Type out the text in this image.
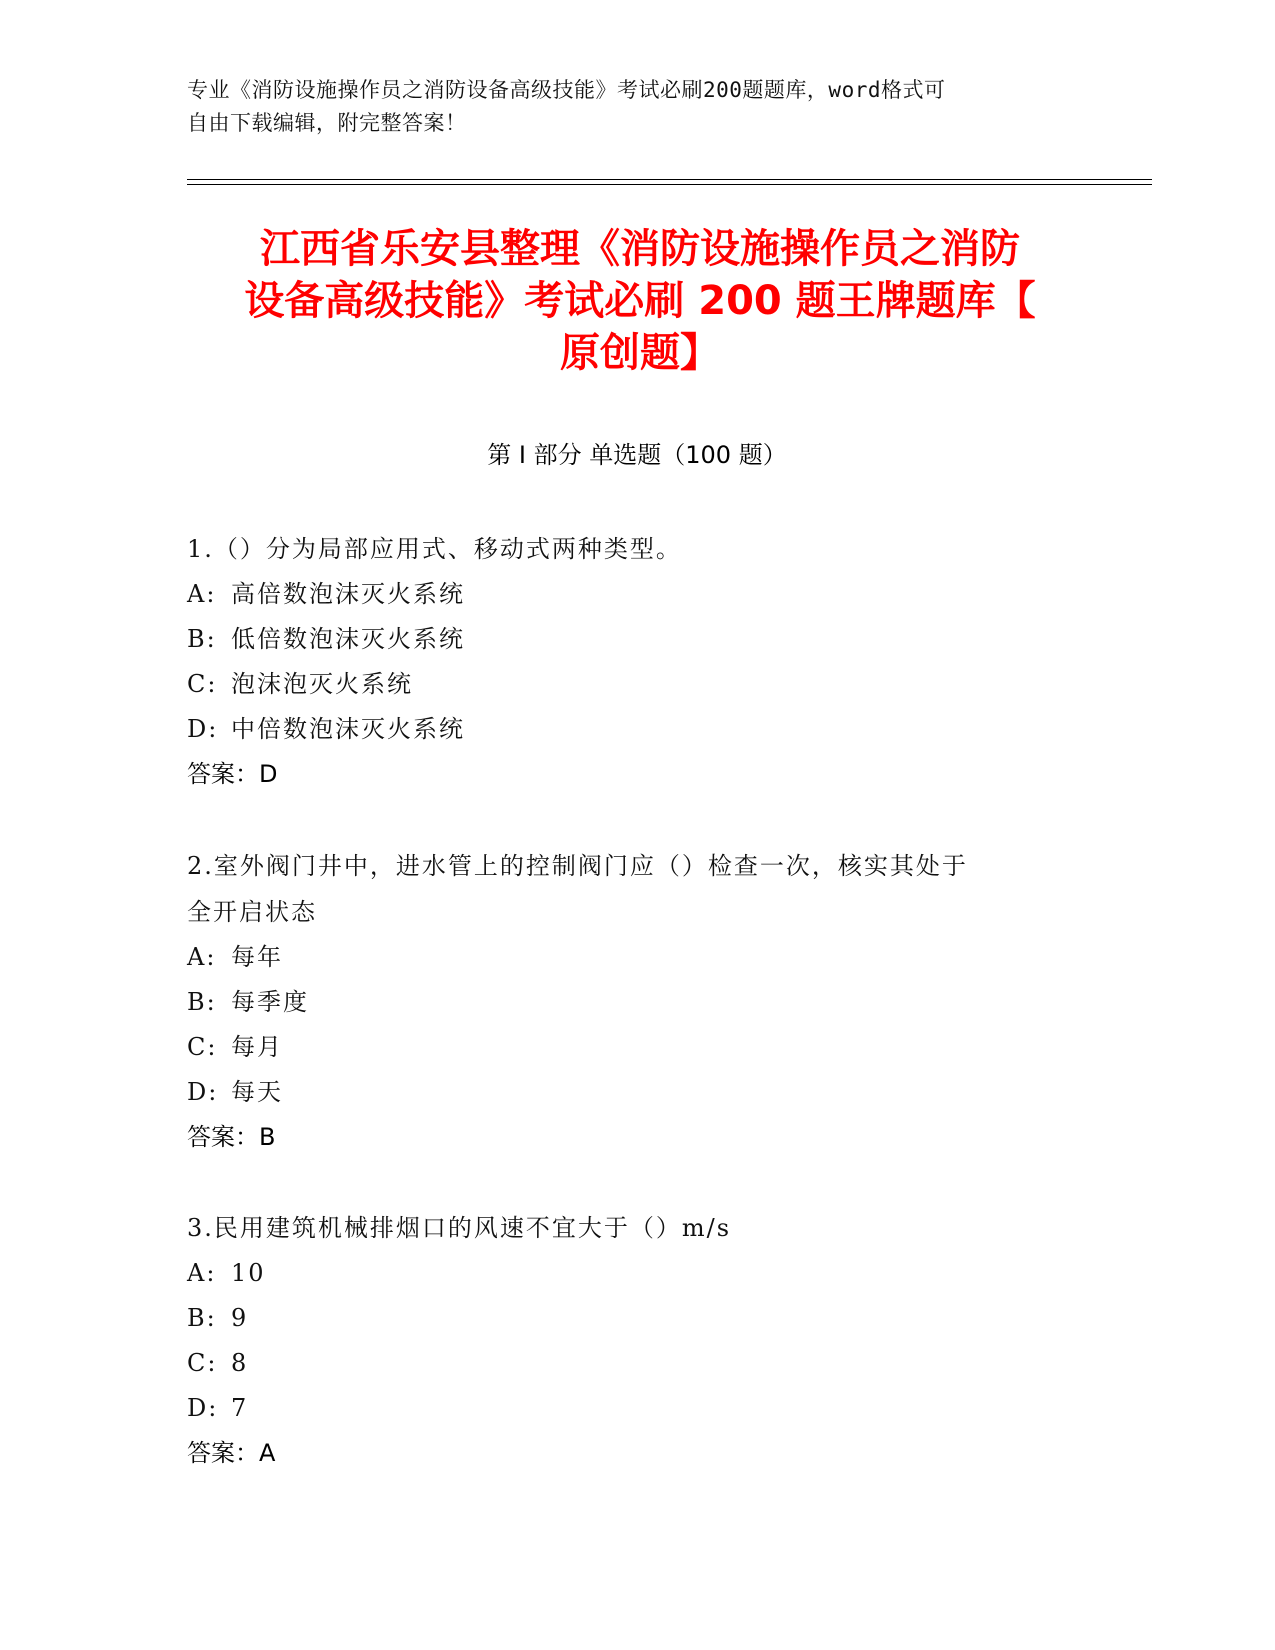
专业《消防设施操作员之消防设备高级技能》考试必刷200题题库，word格式可
自由下载编辑，附完整答案！
江西省乐安县整理《消防设施操作员之消防
设备高级技能》考试必刷 200 题王牌题库【
原创题】
第 I 部分 单选题（100 题）
1.（）分为局部应用式、移动式两种类型。
A: 高倍数泡沫灭火系统
B: 低倍数泡沫灭火系统
C: 泡沫泡灭火系统
D: 中倍数泡沫灭火系统
答案：D
2.室外阀门井中，进水管上的控制阀门应（）检查一次，核实其处于
全开启状态
A: 每年
B: 每季度
C: 每月
D: 每天
答案：B
3.民用建筑机械排烟口的风速不宜大于（）m/s
A: 10
B: 9
C: 8
D: 7
答案：A
